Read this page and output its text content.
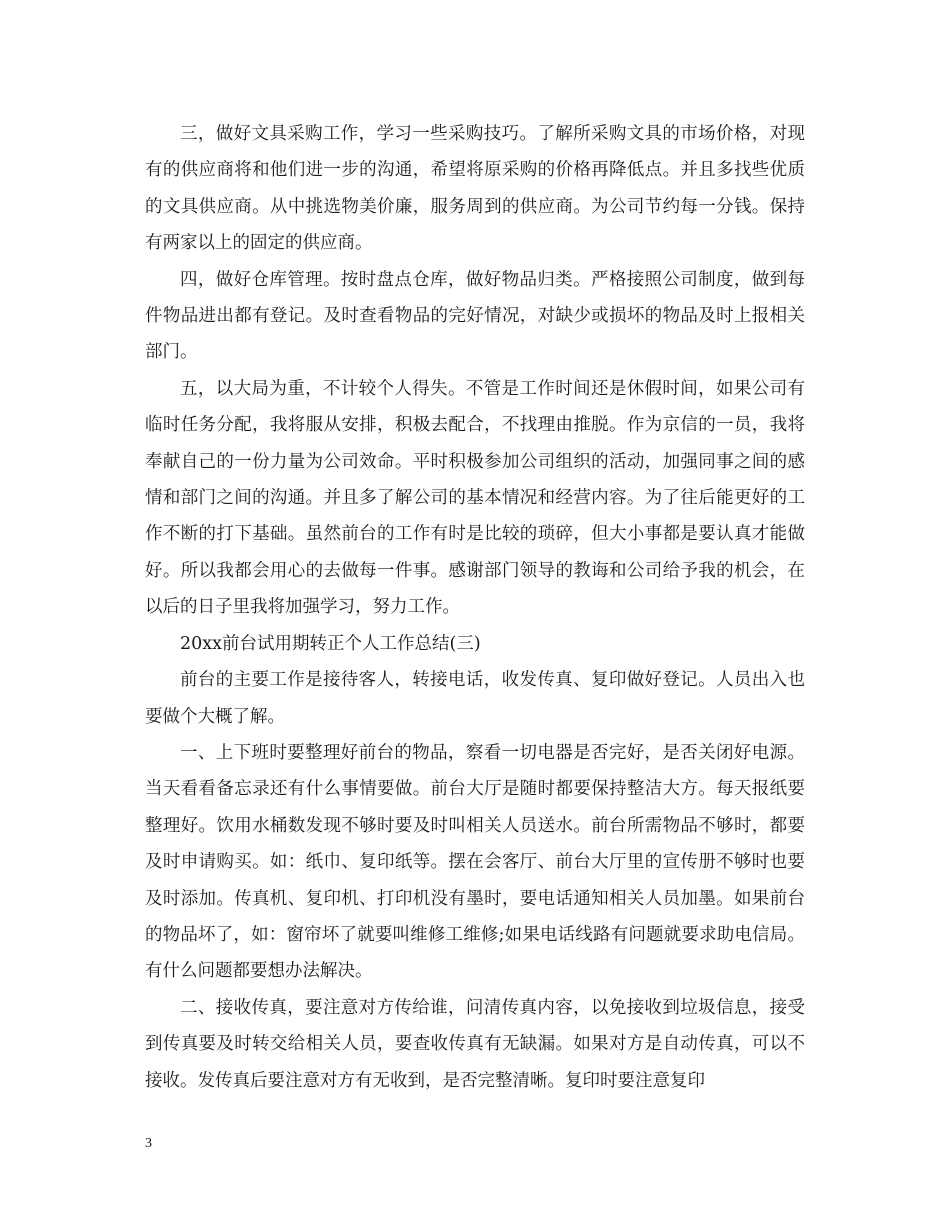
三，做好文具采购工作，学习一些采购技巧。了解所采购文具的市场价格，对现有的供应商将和他们进一步的沟通，希望将原采购的价格再降低点。并且多找些优质的文具供应商。从中挑选物美价廉，服务周到的供应商。为公司节约每一分钱。保持有两家以上的固定的供应商。

四，做好仓库管理。按时盘点仓库，做好物品归类。严格接照公司制度，做到每件物品进出都有登记。及时查看物品的完好情况，对缺少或损坏的物品及时上报相关部门。

五，以大局为重，不计较个人得失。不管是工作时间还是休假时间，如果公司有临时任务分配，我将服从安排，积极去配合，不找理由推脱。作为京信的一员，我将奉献自己的一份力量为公司效命。平时积极参加公司组织的活动，加强同事之间的感情和部门之间的沟通。并且多了解公司的基本情况和经营内容。为了往后能更好的工作不断的打下基础。虽然前台的工作有时是比较的琐碎，但大小事都是要认真才能做好。所以我都会用心的去做每一件事。感谢部门领导的教诲和公司给予我的机会，在以后的日子里我将加强学习，努力工作。

20xx前台试用期转正个人工作总结(三)

前台的主要工作是接待客人，转接电话，收发传真、复印做好登记。人员出入也要做个大概了解。

一、上下班时要整理好前台的物品，察看一切电器是否完好，是否关闭好电源。当天看看备忘录还有什么事情要做。前台大厅是随时都要保持整洁大方。每天报纸要整理好。饮用水桶数发现不够时要及时叫相关人员送水。前台所需物品不够时，都要及时申请购买。如：纸巾、复印纸等。摆在会客厅、前台大厅里的宣传册不够时也要及时添加。传真机、复印机、打印机没有墨时，要电话通知相关人员加墨。如果前台的物品坏了，如：窗帘坏了就要叫维修工维修;如果电话线路有问题就要求助电信局。有什么问题都要想办法解决。

二、接收传真，要注意对方传给谁，问清传真内容，以免接收到垃圾信息，接受到传真要及时转交给相关人员，要查收传真有无缺漏。如果对方是自动传真，可以不接收。发传真后要注意对方有无收到，是否完整清晰。复印时要注意复印

3
